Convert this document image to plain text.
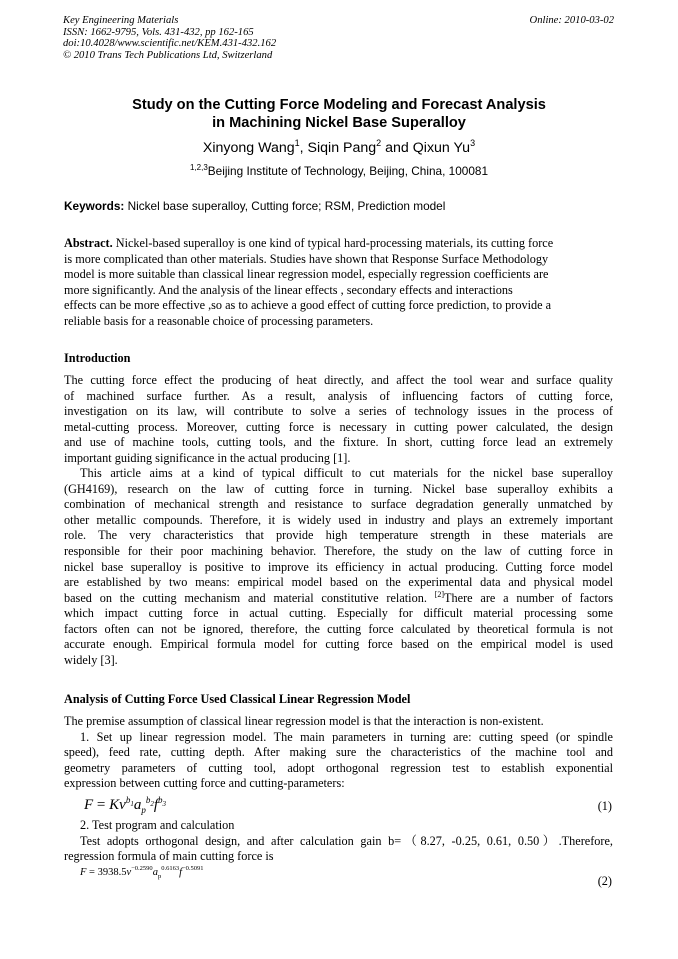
Key Engineering Materials
ISSN: 1662-9795, Vols. 431-432, pp 162-165
doi:10.4028/www.scientific.net/KEM.431-432.162
© 2010 Trans Tech Publications Ltd, Switzerland
Online: 2010-03-02
Study on the Cutting Force Modeling and Forecast Analysis
in Machining Nickel Base Superalloy
Xinyong Wang$^1$, Siqin Pang$^2$ and Qixun Yu$^3$
$^{1,2,3}$Beijing Institute of Technology, Beijing, China, 100081
Keywords: Nickel base superalloy, Cutting force; RSM, Prediction model
Abstract. Nickel-based superalloy is one kind of typical hard-processing materials, its cutting force
is more complicated than other materials. Studies have shown that Response Surface Methodology
model is more suitable than classical linear regression model, especially regression coefficients are
more significantly. And the analysis of the linear effects , secondary effects and interactions
effects can be more effective ,so as to achieve a good effect of cutting force prediction, to provide a
reliable basis for a reasonable choice of processing parameters.
Introduction
The cutting force effect the producing of heat directly, and affect the tool wear and surface quality
of machined surface further. As a result, analysis of influencing factors of cutting force,
investigation on its law, will contribute to solve a series of technology issues in the process of
metal-cutting process. Moreover, cutting force is necessary in cutting power calculated, the design
and use of machine tools, cutting tools, and the fixture. In short, cutting force lead an extremely
important guiding significance in the actual producing [1].
This article aims at a kind of typical difficult to cut materials for the nickel base superalloy
(GH4169), research on the law of cutting force in turning. Nickel base superalloy exhibits a
combination of mechanical strength and resistance to surface degradation generally unmatched by
other metallic compounds. Therefore, it is widely used in industry and plays an extremely important
role. The very characteristics that provide high temperature strength in these materials are
responsible for their poor machining behavior. Therefore, the study on the law of cutting force in
nickel base superalloy is positive to improve its efficiency in actual producing. Cutting force model
are established by two means: empirical model based on the experimental data and physical model
based on the cutting mechanism and material constitutive relation. [2]There are a number of factors
which impact cutting force in actual cutting. Especially for difficult material processing some
factors often can not be ignored, therefore, the cutting force calculated by theoretical formula is not
accurate enough. Empirical formula model for cutting force based on the empirical model is used
widely [3].
Analysis of Cutting Force Used Classical Linear Regression Model
The premise assumption of classical linear regression model is that the interaction is non-existent.
1. Set up linear regression model. The main parameters in turning are: cutting speed (or spindle
speed), feed rate, cutting depth. After making sure the characteristics of the machine tool and
geometry parameters of cutting tool, adopt orthogonal regression test to establish exponential
expression between cutting force and cutting-parameters:
$F = Kv^{b_1}a_p^{b_2}f^{b_3}$	(1)
2. Test program and calculation
Test adopts orthogonal design, and after calculation gain b=（8.27, -0.25, 0.61, 0.50）.Therefore,
regression formula of main cutting force is
$F = 3938.5v^{-0.2590}a_p^{0.6163}f^{-0.5091}$
(2)
